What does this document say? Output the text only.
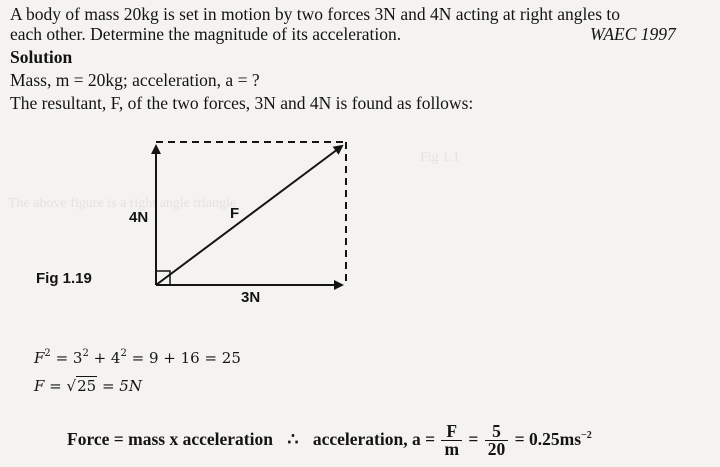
The above figure is a right angle triangle
Fig 1.1
A body of mass 20kg is set in motion by two forces 3N and 4N acting at right angles to
each other. Determine the magnitude of its acceleration.	WAEC 1997
Solution
Mass, m = 20kg; acceleration, a = ?
The resultant, F, of the two forces, 3N and 4N is found as follows:
4N
3N
F
Fig 1.19
$F^2 = 3^2 + 4^2 = 9 + 16 = 25$
F = √25 = 5N
Force = mass x acceleration ∴ acceleration, $a = \frac{F}{m} = \frac{5}{20} = 0.25ms^{-2}$
